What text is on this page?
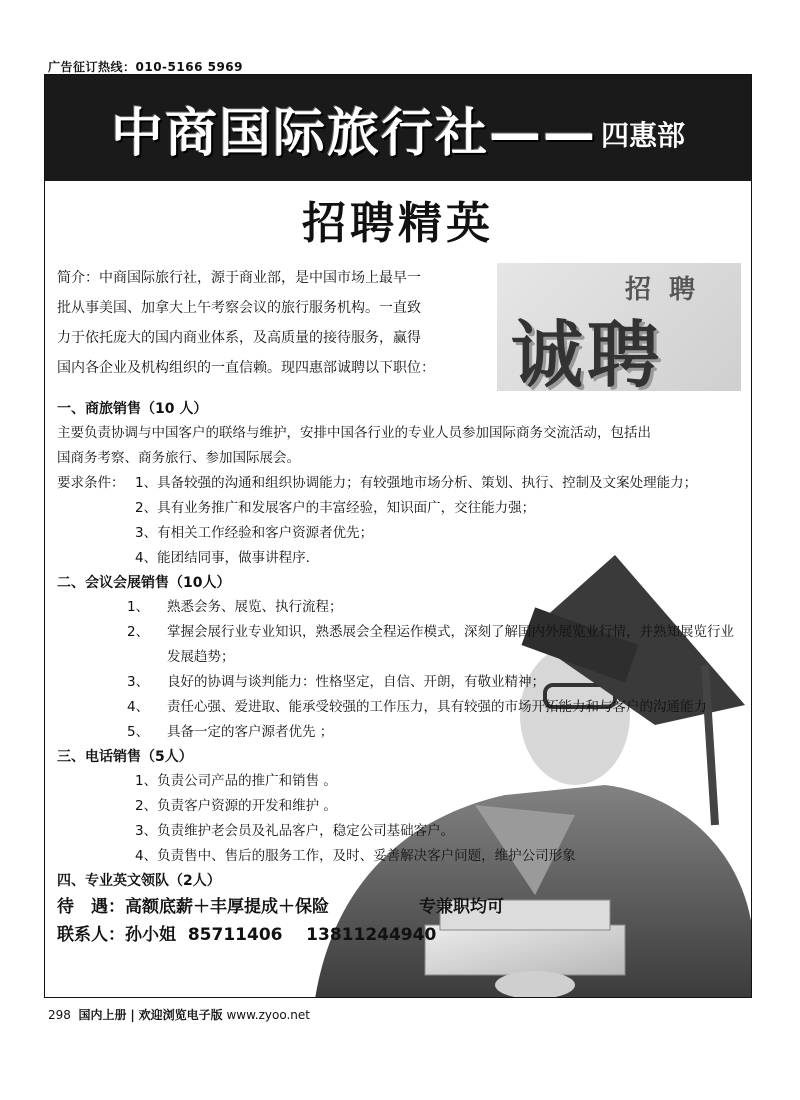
广告征订热线：010-5166 5969
中商国际旅行社—— 四惠部
招聘精英
简介：中商国际旅行社，源于商业部，是中国市场上最早一
批从事美国、加拿大上午考察会议的旅行服务机构。一直致
力于依托庞大的国内商业体系，及高质量的接待服务，赢得
国内各企业及机构组织的一直信赖。现四惠部诚聘以下职位：
招聘
诚聘
一、商旅销售（10 人）
主要负责协调与中国客户的联络与维护，安排中国各行业的专业人员参加国际商务交流活动，包括出
国商务考察、商务旅行、参加国际展会。
要求条件： 1、具备较强的沟通和组织协调能力；有较强地市场分析、策划、执行、控制及文案处理能力；
2、具有业务推广和发展客户的丰富经验，知识面广，交往能力强；
3、有相关工作经验和客户资源者优先；
4、能团结同事，做事讲程序.
二、会议会展销售（10人）
1、	熟悉会务、展览、执行流程；
2、	掌握会展行业专业知识，熟悉展会全程运作模式，深刻了解国内外展览业行情，并熟知展览行业发展趋势；
3、	良好的协调与谈判能力：性格坚定，自信、开朗，有敬业精神；
4、	责任心强、爱进取、能承受较强的工作压力，具有较强的市场开拓能力和与客户的沟通能力
5、	具备一定的客户源者优先 ；
三、电话销售（5人）
1、负责公司产品的推广和销售 。
2、负责客户资源的开发和维护 。
3、负责维护老会员及礼品客户，稳定公司基础客户。
4、负责售中、售后的服务工作，及时、妥善解决客户问题，维护公司形象
四、专业英文领队（2人）
待　遇： 高额底薪＋丰厚提成＋保险	专兼职均可
联系人：孙小姐 85711406 13811244940
298 国内上册 | 欢迎浏览电子版 www.zyoo.net
